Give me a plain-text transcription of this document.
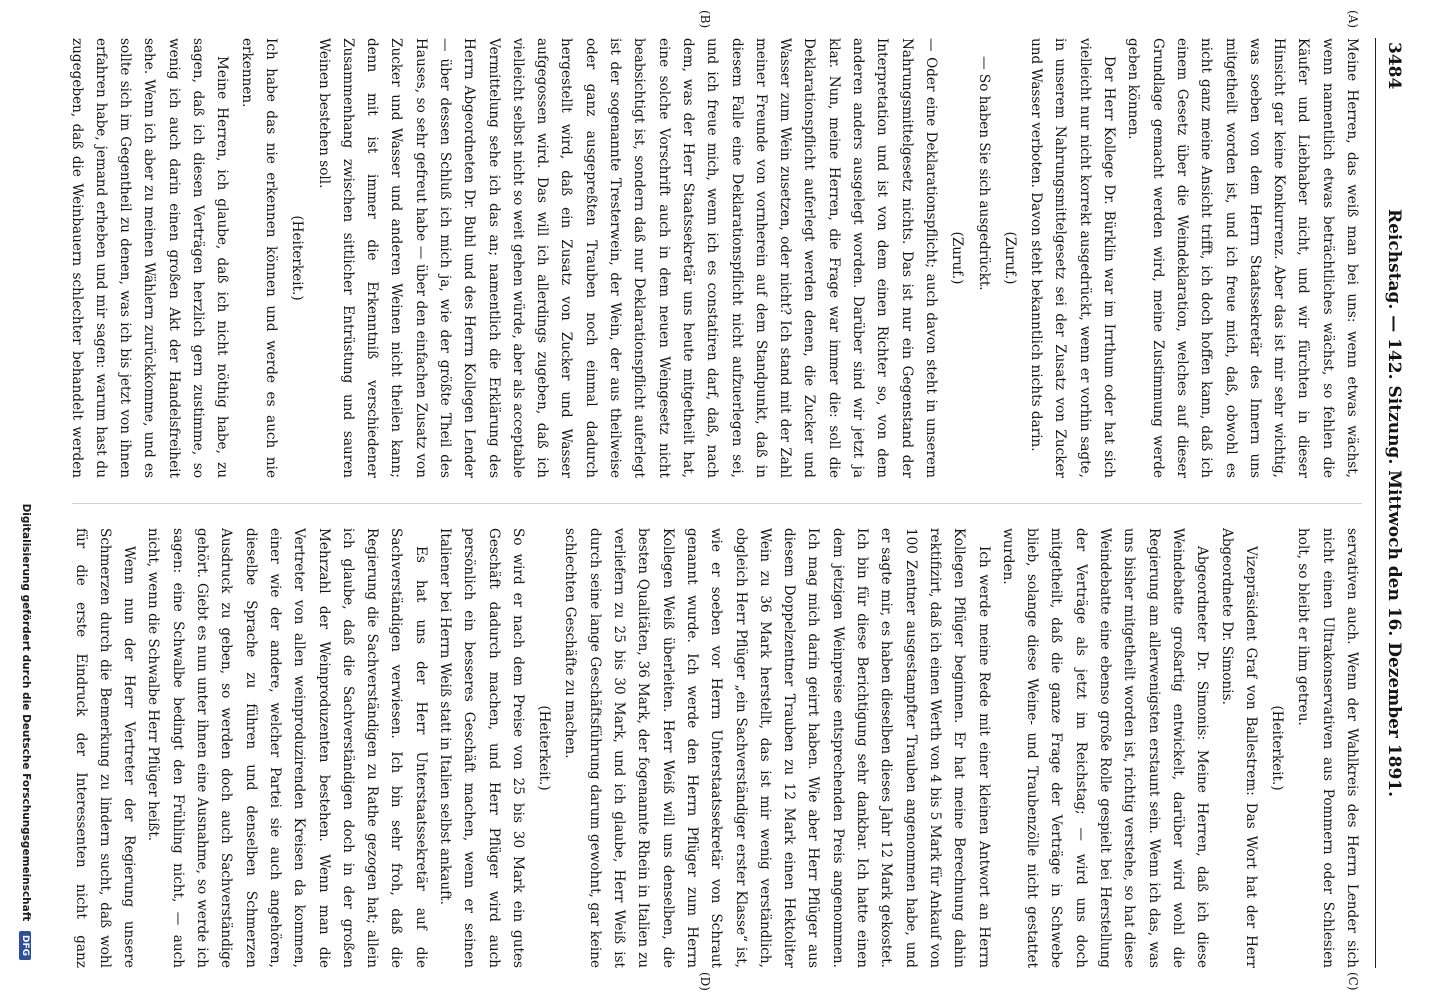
3484
Reichstag. — 142. Sitzung. Mittwoch den 16. Dezember 1891.

Meine Herren, das weiß man bei uns: wenn etwas wächst, wenn namentlich etwas beträchtliches wächst, so fehlen die Käufer und Liebhaber nicht, und wir fürchten in dieser Hinsicht gar keine Konkurrenz. Aber das ist mir sehr wichtig, was soeben von dem Herrn Staatssekretär des Innern uns mitgetheilt worden ist, und ich freue mich, daß, obwohl es nicht ganz meine Ansicht trifft, ich doch hoffen kann, daß ich einem Gesetz über die Weindeklaration, welches auf dieser Grundlage gemacht werden wird, meine Zustimmung werde geben können.

Der Herr Kollege Dr. Bürklin war im Irrthum oder hat sich vielleicht nur nicht korrekt ausgedrückt, wenn er vorhin sagte, in unserem Nahrungsmittelgesetz sei der Zusatz von Zucker und Wasser verboten. Davon steht bekanntlich nichts darin.

(Zuruf.)

— So haben Sie sich ausgedrückt.

(Zuruf.)

— Oder eine Deklarationspflicht; auch davon steht in unserem Nahrungsmittelgesetz nichts. Das ist nur ein Gegenstand der Interpretation und ist von dem einen Richter so, von dem anderen anders ausgelegt worden. Darüber sind wir jetzt ja klar. Nun, meine Herren, die Frage war immer die: soll die Deklarationspflicht auferlegt werden denen, die Zucker und Wasser zum Wein zusetzen, oder nicht? Ich stand mit der Zahl meiner Freunde von vornherein auf dem Standpunkt, daß in diesem Falle eine Deklarationspflicht nicht aufzuerlegen sei, und ich freue mich, wenn ich es constatiren darf, daß, nach dem, was der Herr Staatssekretär uns heute mitgetheilt hat, eine solche Vorschrift auch in dem neuen Weingesetz nicht beabsichtigt ist, sondern daß nur Deklarationspflicht auferlegt ist der sogenannte Tresterwein, der Wein, der aus theilweise oder ganz ausgepreßten Trauben noch einmal dadurch hergestellt wird, daß ein Zusatz von Zucker und Wasser aufgegossen wird. Das will ich allerdings zugeben, daß ich vielleicht selbst nicht so weit gehen würde, aber als acceptable Vermittelung sehe ich das an; namentlich die Erklärung des Herrn Abgeordneten Dr. Buhl und des Herrn Kollegen Lender — über dessen Schluß ich mich ja, wie der größte Theil des Hauses, so sehr gefreut habe — über den einfachen Zusatz von Zucker und Wasser und anderen Weinen nicht theilen kann; denn mit ist immer die Erkenntniß verschiedener Zusammenhang zwischen sittlicher Entrüstung und sauren Weinen bestehen soll.

(Heiterkeit.)

Ich habe das nie erkennen können und werde es auch nie erkennen.

Meine Herren, ich glaube, daß ich nicht nöthig habe, zu sagen, daß ich diesen Verträgen herzlich gern zustimme, so wenig ich auch darin einen großen Akt der Handelsfreiheit sehe. Wenn ich aber zu meinen Wählern zurückkomme, und es sollte sich im Gegentheil zu denen, was ich bis jetzt von ihnen erfahren habe, jemand erheben und mir sagen: warum hast du zugegeben, daß die Weinbauern schlechter behandelt werden

servativen auch. Wenn der Wahlkreis des Herrn Lender sich nicht einen Ultrakonservativen aus Pommern oder Schlesien holt, so bleibt er ihm getreu.

(Heiterkeit.)

Vizepräsident Graf von Ballestrem: Das Wort hat der Herr Abgeordnete Dr. Simonis.

Abgeordneter Dr. Simonis: Meine Herren, daß ich diese Weindebatte großartig entwickelt, darüber wird wohl die Regierung am allerwenigsten erstaunt sein. Wenn ich das, was uns bisher mitgetheilt worden ist, richtig verstehe, so hat diese Weindebatte eine ebenso große Rolle gespielt bei Herstellung der Verträge als jetzt im Reichstag; — wird uns doch mitgetheilt, daß die ganze Frage der Verträge in Schwebe blieb, solange diese Weine- und Traubenzölle nicht gestattet wurden.

Ich werde meine Rede mit einer kleinen Antwort an Herrn Kollegen Pflüger beginnen. Er hat meine Berechnung dahin rektifizirt, daß ich einen Werth von 4 bis 5 Mark für Ankauf von 100 Zentner ausgestampfter Trauben angenommen habe, und er sagte mir, es haben dieselben dieses Jahr 12 Mark gekostet. Ich bin für diese Berichtigung sehr dankbar. Ich hatte einen dem jetzigen Weinpreise entsprechenden Preis angenommen. Ich mag mich darin geirrt haben. Wie aber Herr Pflüger aus diesem Doppelzentner Trauben zu 12 Mark einen Hektoliter Wein zu 36 Mark herstellt, das ist mir wenig verständlich, obgleich Herr Pflüger „ein Sachverständiger erster Klasse“ ist, wie er soeben vor Herrn Unterstaatssekretär von Schraut genannt wurde. Ich werde den Herrn Pflüger zum Herrn Kollegen Weiß überleiten. Herr Weiß will uns denselben, die besten Qualitäten, 36 Mark, der fogenannte Rhein in Italien zu verliefern zu 25 bis 30 Mark, und ich glaube, Herr Weiß ist durch seine lange Geschäftsführung darum gewohnt, gar keine schlechten Geschäfte zu machen.

(Heiterkeit.)

So wird er nach dem Preise von 25 bis 30 Mark ein gutes Geschäft dadurch machen, und Herr Pflüger wird auch persönlich ein besseres Geschäft machen, wenn er seinen Italiener bei Herrn Weiß statt in Italien selbst ankauft.

Es hat uns der Herr Unterstaatssekretär auf die Sachverständigen verwiesen. Ich bin sehr froh, daß die Regierung die Sachverständigen zu Rathe gezogen hat; allein ich glaube, daß die Sachverständigen doch in der großen Mehrzahl der Weinproduzenten bestehen. Wenn man die Vertreter von allen weinproduzirenden Kreisen da kommen, einer wie der andere, welcher Partei sie auch angehören, dieselbe Sprache zu führen und denselben Schmerzen Ausdruck zu geben, so werden doch auch Sachverständige gehört. Giebt es nun unter ihnen eine Ausnahme, so werde ich sagen: eine Schwalbe bedingt den Frühling nicht, — auch nicht, wenn die Schwalbe Herr Pflüger heißt.

Wenn nun der Herr Vertreter der Regierung unsere Schmerzen durch die Bemerkung zu lindern sucht, daß wohl für die erste Eindruck der Interessenten nicht ganz

(A)
(B)
(C)
(D)
Digitalisierung gefördert durch die Deutsche Forschungsgemeinschaft DFG
